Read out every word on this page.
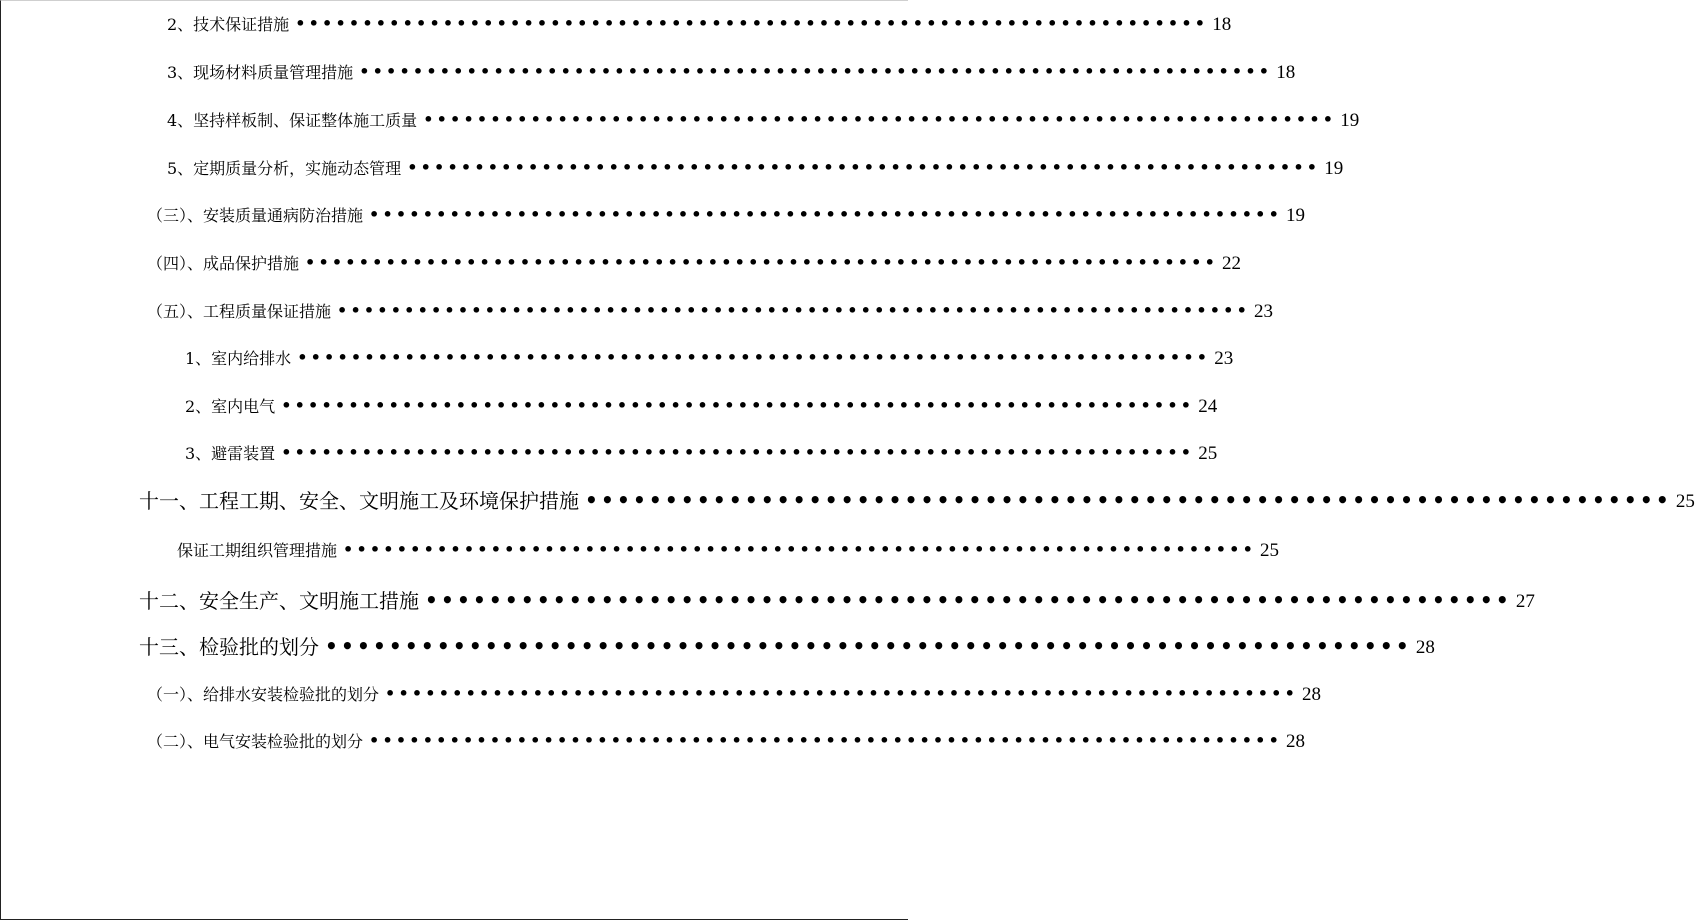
2、技术保证措施 •••••••••••••••••••••••••••••••••••••••••••••••••••••••••••••••••••• 18
3、现场材料质量管理措施 •••••••••••••••••••••••••••••••••••••••••••••••••••••••••••••••••••• 18
4、坚持样板制、保证整体施工质量 •••••••••••••••••••••••••••••••••••••••••••••••••••••••••••••••••••• 19
5、定期质量分析，实施动态管理 •••••••••••••••••••••••••••••••••••••••••••••••••••••••••••••••••••• 19
（三）、安装质量通病防治措施 •••••••••••••••••••••••••••••••••••••••••••••••••••••••••••••••••••• 19
（四）、成品保护措施 •••••••••••••••••••••••••••••••••••••••••••••••••••••••••••••••••••• 22
（五）、工程质量保证措施 •••••••••••••••••••••••••••••••••••••••••••••••••••••••••••••••••••• 23
1、室内给排水 •••••••••••••••••••••••••••••••••••••••••••••••••••••••••••••••••••• 23
2、室内电气 •••••••••••••••••••••••••••••••••••••••••••••••••••••••••••••••••••• 24
3、避雷装置 •••••••••••••••••••••••••••••••••••••••••••••••••••••••••••••••••••• 25
十一、工程工期、安全、文明施工及环境保护措施 •••••••••••••••••••••••••••••••••••••••••••••••••••••••••••••••••••• 25
保证工期组织管理措施 •••••••••••••••••••••••••••••••••••••••••••••••••••••••••••••••••••• 25
十二、安全生产、文明施工措施 •••••••••••••••••••••••••••••••••••••••••••••••••••••••••••••••••••• 27
十三、检验批的划分 •••••••••••••••••••••••••••••••••••••••••••••••••••••••••••••••••••• 28
（一）、给排水安装检验批的划分 •••••••••••••••••••••••••••••••••••••••••••••••••••••••••••••••••••• 28
（二）、电气安装检验批的划分 •••••••••••••••••••••••••••••••••••••••••••••••••••••••••••••••••••• 28
